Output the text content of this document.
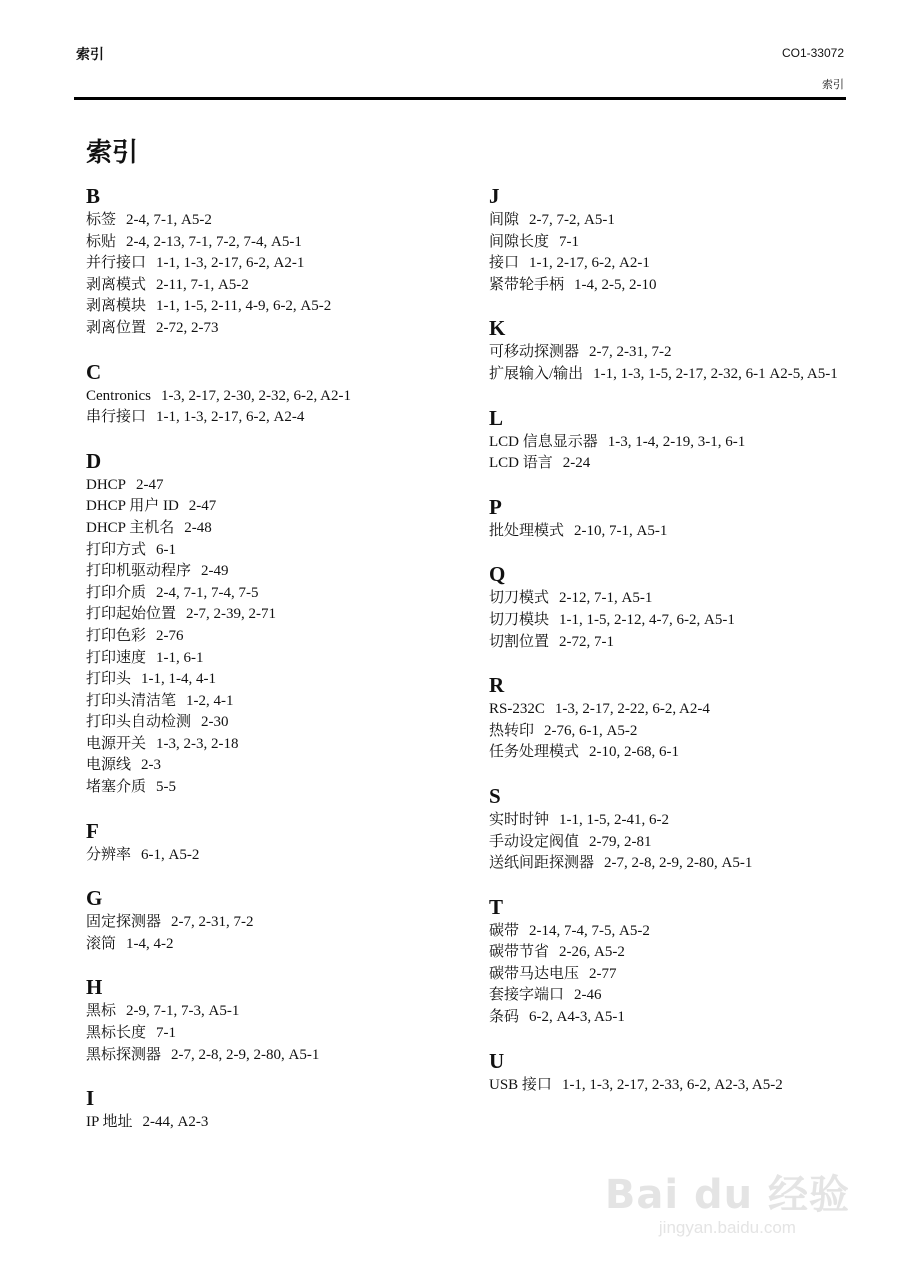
索引	CO1-33072
索引
索引
B
标签 2-4, 7-1, A5-2
标贴 2-4, 2-13, 7-1, 7-2, 7-4, A5-1
并行接口 1-1, 1-3, 2-17, 6-2, A2-1
剥离模式 2-11, 7-1, A5-2
剥离模块 1-1, 1-5, 2-11, 4-9, 6-2, A5-2
剥离位置 2-72, 2-73
C
Centronics 1-3, 2-17, 2-30, 2-32, 6-2, A2-1
串行接口 1-1, 1-3, 2-17, 6-2, A2-4
D
DHCP 2-47
DHCP 用户 ID 2-47
DHCP 主机名 2-48
打印方式 6-1
打印机驱动程序 2-49
打印介质 2-4, 7-1, 7-4, 7-5
打印起始位置 2-7, 2-39, 2-71
打印色彩 2-76
打印速度 1-1, 6-1
打印头 1-1, 1-4, 4-1
打印头清洁笔 1-2, 4-1
打印头自动检测 2-30
电源开关 1-3, 2-3, 2-18
电源线 2-3
堵塞介质 5-5
F
分辨率 6-1, A5-2
G
固定探测器 2-7, 2-31, 7-2
滚筒 1-4, 4-2
H
黑标 2-9, 7-1, 7-3, A5-1
黑标长度 7-1
黑标探测器 2-7, 2-8, 2-9, 2-80, A5-1
I
IP 地址 2-44, A2-3
J
间隙 2-7, 7-2, A5-1
间隙长度 7-1
接口 1-1, 2-17, 6-2, A2-1
紧带轮手柄 1-4, 2-5, 2-10
K
可移动探测器 2-7, 2-31, 7-2
扩展输入/输出 1-1, 1-3, 1-5, 2-17, 2-32, 6-1 A2-5, A5-1
L
LCD 信息显示器 1-3, 1-4, 2-19, 3-1, 6-1
LCD 语言 2-24
P
批处理模式 2-10, 7-1, A5-1
Q
切刀模式 2-12, 7-1, A5-1
切刀模块 1-1, 1-5, 2-12, 4-7, 6-2, A5-1
切割位置 2-72, 7-1
R
RS-232C 1-3, 2-17, 2-22, 6-2, A2-4
热转印 2-76, 6-1, A5-2
任务处理模式 2-10, 2-68, 6-1
S
实时时钟 1-1, 1-5, 2-41, 6-2
手动设定阀值 2-79, 2-81
送纸间距探测器 2-7, 2-8, 2-9, 2-80, A5-1
T
碳带 2-14, 7-4, 7-5, A5-2
碳带节省 2-26, A5-2
碳带马达电压 2-77
套接字端口 2-46
条码 6-2, A4-3, A5-1
U
USB 接口 1-1, 1-3, 2-17, 2-33, 6-2, A2-3, A5-2
Bai du 经验
jingyan.baidu.com
